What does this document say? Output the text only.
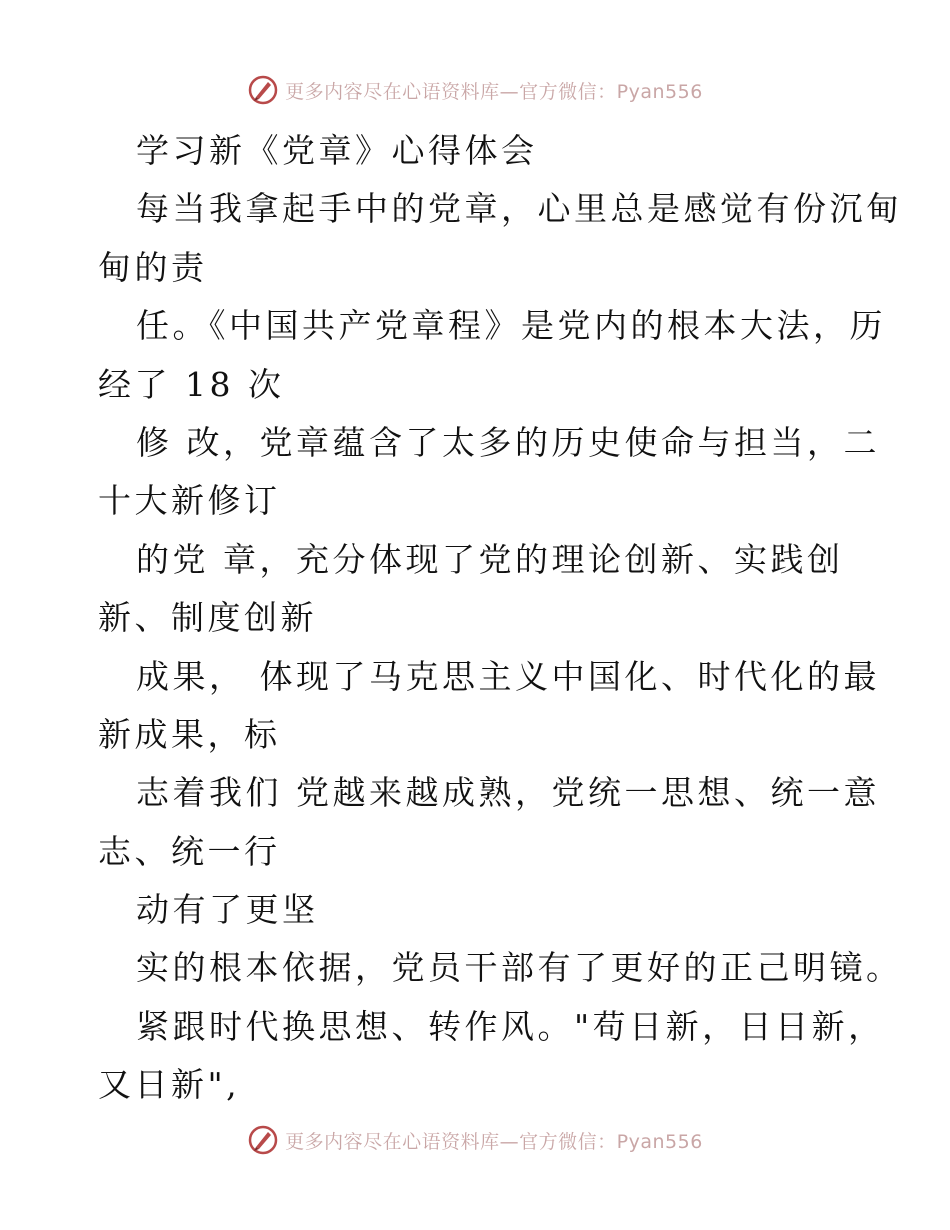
更多内容尽在心语资料库—官方微信：Pyan556
学习新《党章》心得体会
每当我拿起手中的党章，心里总是感觉有份沉甸
甸的责
任。《中国共产党章程》是党内的根本大法，历
经了 18 次
修 改，党章蕴含了太多的历史使命与担当，二
十大新修订
的党 章，充分体现了党的理论创新、实践创
新、制度创新
成果， 体现了马克思主义中国化、时代化的最
新成果，标
志着我们 党越来越成熟，党统一思想、统一意
志、统一行
动有了更坚
实的根本依据，党员干部有了更好的正己明镜。
紧跟时代换思想、转作风。"苟日新，日日新，
又日新",
更多内容尽在心语资料库—官方微信：Pyan556
